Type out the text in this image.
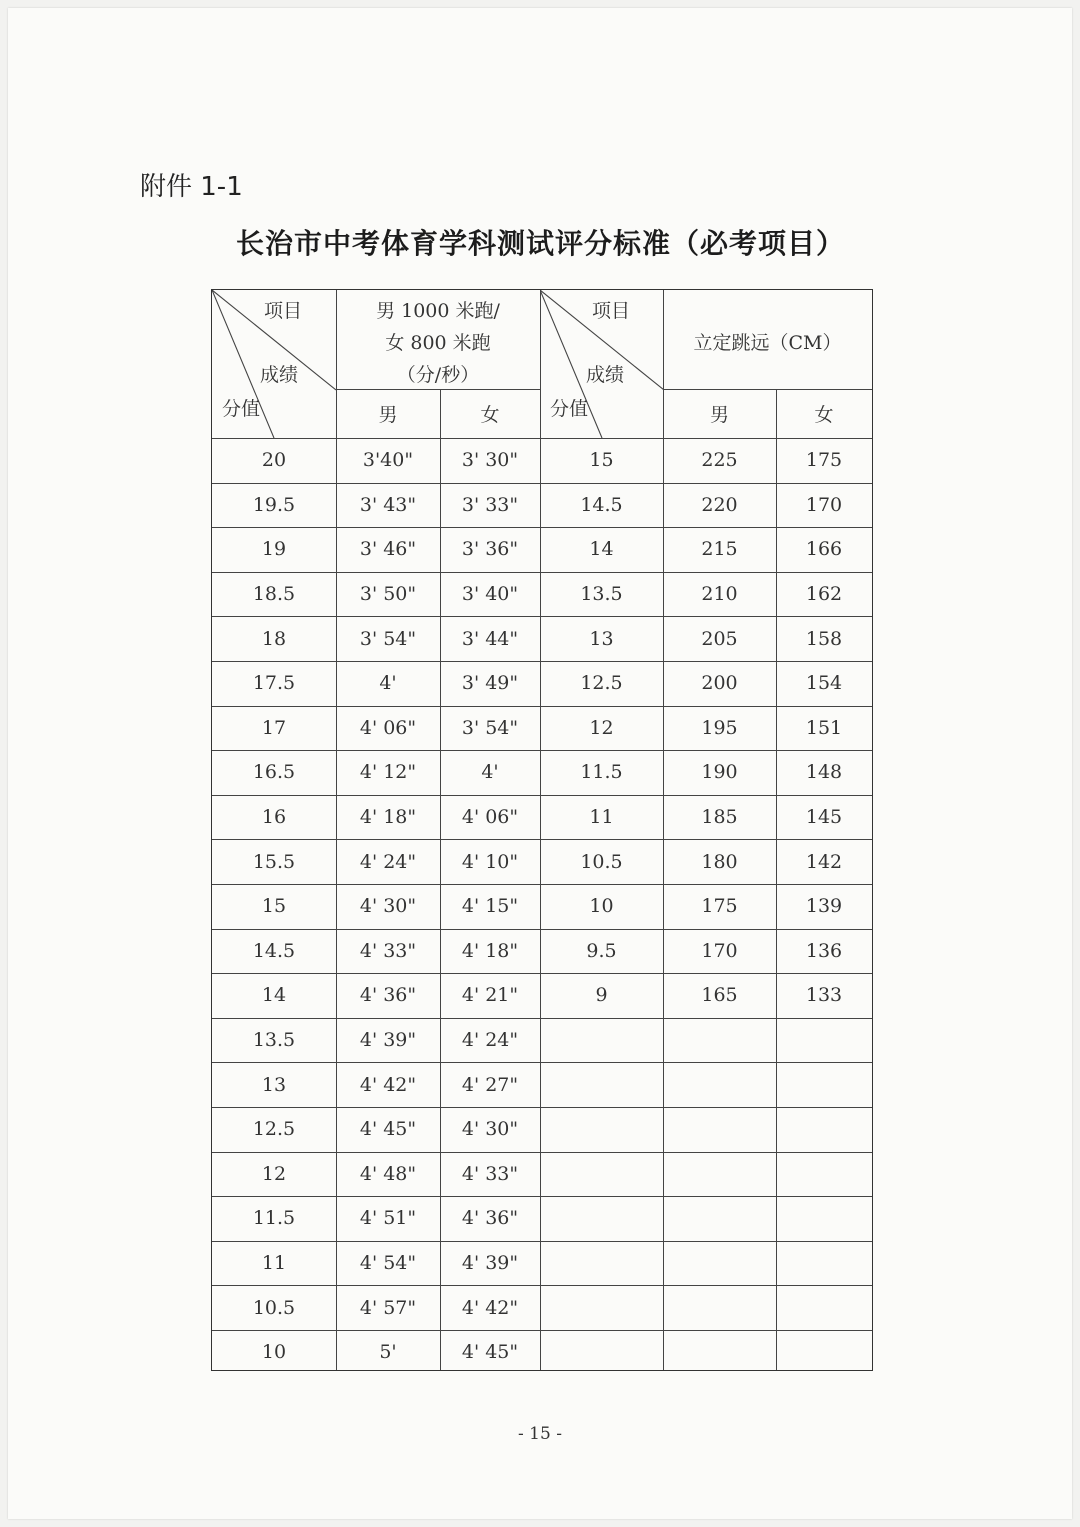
附件 1-1
长治市中考体育学科测试评分标准（必考项目）
项目
成绩
分值
男 1000 米跑/
女 800 米跑
（分/秒）
男	女
项目
成绩
分值
立定跳远（CM）
男	女
20	3'40"	3' 30"	15	225	175
19.5	3' 43"	3' 33"	14.5	220	170
19	3' 46"	3' 36"	14	215	166
18.5	3' 50"	3' 40"	13.5	210	162
18	3' 54"	3' 44"	13	205	158
17.5	4'	3' 49"	12.5	200	154
17	4' 06"	3' 54"	12	195	151
16.5	4' 12"	4'	11.5	190	148
16	4' 18"	4' 06"	11	185	145
15.5	4' 24"	4' 10"	10.5	180	142
15	4' 30"	4' 15"	10	175	139
14.5	4' 33"	4' 18"	9.5	170	136
14	4' 36"	4' 21"	9	165	133
13.5	4' 39"	4' 24"
13	4' 42"	4' 27"
12.5	4' 45"	4' 30"
12	4' 48"	4' 33"
11.5	4' 51"	4' 36"
11	4' 54"	4' 39"
10.5	4' 57"	4' 42"
10	5'	4' 45"
- 15 -
